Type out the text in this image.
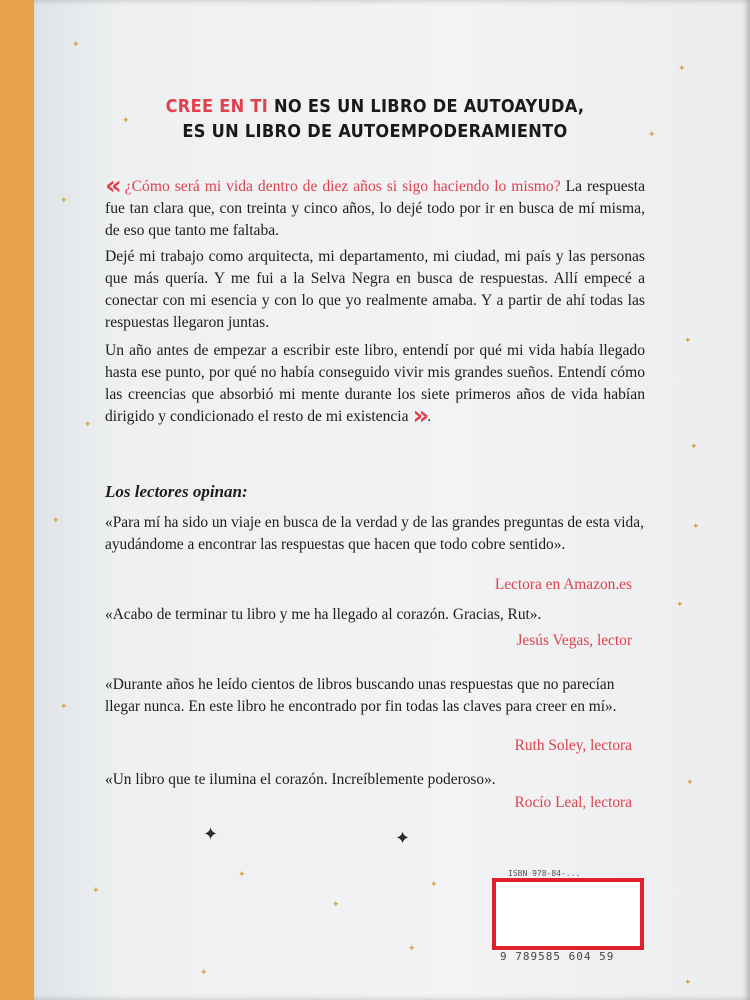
CREE EN TI NO ES UN LIBRO DE AUTOAYUDA,
ES UN LIBRO DE AUTOEMPODERAMIENTO
« ¿Cómo será mi vida dentro de diez años si sigo haciendo lo mismo? La respuesta fue tan clara que, con treinta y cinco años, lo dejé todo por ir en busca de mí misma, de eso que tanto me faltaba.
Dejé mi trabajo como arquitecta, mi departamento, mi ciudad, mi país y las personas que más quería. Y me fui a la Selva Negra en busca de respuestas. Allí empecé a conectar con mi esencia y con lo que yo realmente amaba. Y a partir de ahí todas las respuestas llegaron juntas.
Un año antes de empezar a escribir este libro, entendí por qué mi vida había llegado hasta ese punto, por qué no había conseguido vivir mis grandes sueños. Entendí cómo las creencias que absorbió mi mente durante los siete primeros años de vida habían dirigido y condicionado el resto de mi existencia ».
Los lectores opinan:
«Para mí ha sido un viaje en busca de la verdad y de las grandes preguntas de esta vida, ayudándome a encontrar las respuestas que hacen que todo cobre sentido».
Lectora en Amazon.es
«Acabo de terminar tu libro y me ha llegado al corazón. Gracias, Rut».
Jesús Vegas, lector
«Durante años he leído cientos de libros buscando unas respuestas que no parecían llegar nunca. En este libro he encontrado por fin todas las claves para creer en mí».
Ruth Soley, lectora
«Un libro que te ilumina el corazón. Increíblemente poderoso».
Rocío Leal, lectora
✦
✦
✦
✦
✦
✦
✦
✦
✦
✦
✦
✦
✦
✦
✦
✦
✦
✦
✦
✦
✦	✦
ISBN 978-84-...
9 789585 604 59
